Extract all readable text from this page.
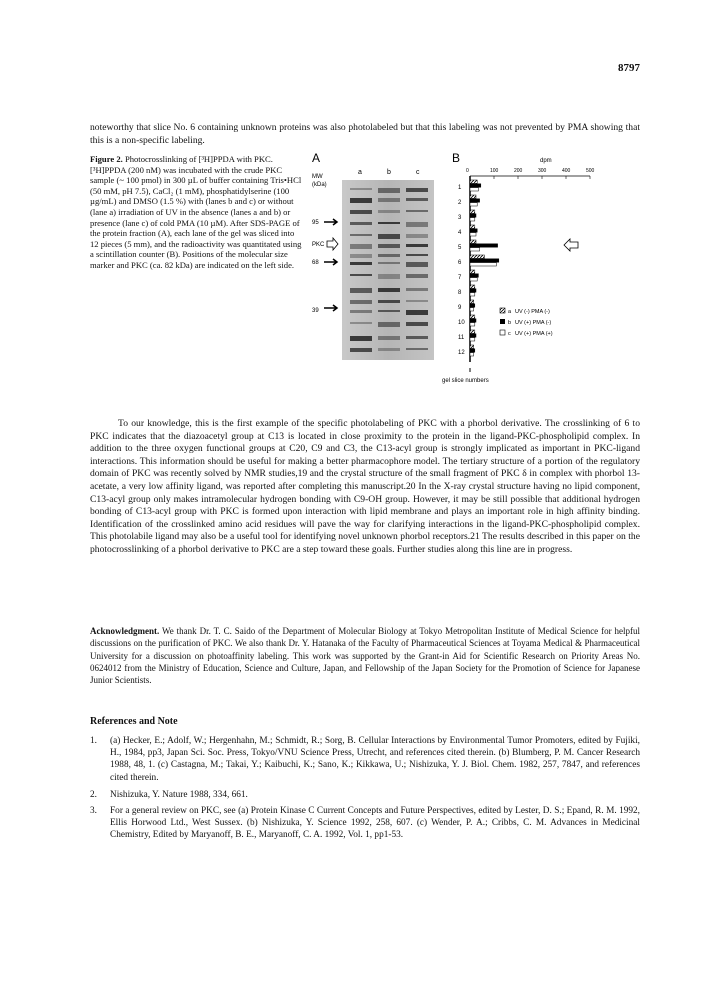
8797
noteworthy that slice No. 6 containing unknown proteins was also photolabeled but that this labeling was not prevented by PMA showing that this is a non-specific labeling.
Figure 2. Photocrosslinking of [³H]PPDA with PKC.
[³H]PPDA (200 nM) was incubated with the crude PKC sample (~ 100 pmol) in 300 µL of buffer containing Tris•HCl (50 mM, pH 7.5), CaCl₂ (1 mM), phosphatidylserine (100 µg/mL) and DMSO (1.5 %) with (lanes b and c) or without (lane a) irradiation of UV in the absence (lanes a and b) or presence (lane c) of cold PMA (10 µM). After SDS-PAGE of the protein fraction (A), each lane of the gel was sliced into 12 pieces (5 mm), and the radioactivity was quantitated using a scintillation counter (B). Positions of the molecular size marker and PKC (ca. 82 kDa) are indicated on the left side.
A
MW
(kDa)
a	b	c
95
PKC
68
39
B	dpm
0	100	200	300	400	500
1
2
3
4
5
6
7
8
9
10
11
12
gel slice numbers
a UV (-) PMA (-)
b UV (+) PMA (-)
c UV (+) PMA (+)
To our knowledge, this is the first example of the specific photolabeling of PKC with a phorbol derivative. The crosslinking of 6 to PKC indicates that the diazoacetyl group at C13 is located in close proximity to the protein in the ligand-PKC-phospholipid complex. In addition to the three oxygen functional groups at C20, C9 and C3, the C13-acyl group is strongly implicated as important in PKC-ligand interactions. This information should be useful for making a better pharmacophore model. The tertiary structure of a portion of the regulatory domain of PKC was recently solved by NMR studies,19 and the crystal structure of the small fragment of PKC δ in complex with phorbol 13-acetate, a very low affinity ligand, was reported after completing this manuscript.20 In the X-ray crystal structure having no lipid component, C13-acyl group only makes intramolecular hydrogen bonding with C9-OH group. However, it may be still possible that additional hydrogen bonding of C13-acyl group with PKC is formed upon interaction with lipid membrane and plays an important role in high affinity binding. Identification of the crosslinked amino acid residues will pave the way for clarifying interactions in the ligand-PKC-phospholipid complex. This photolabile ligand may also be a useful tool for identifying novel unknown phorbol receptors.21 The results described in this paper on the photocrosslinking of a phorbol derivative to PKC are a step toward these goals. Further studies along this line are in progress.
Acknowledgment. We thank Dr. T. C. Saido of the Department of Molecular Biology at Tokyo Metropolitan Institute of Medical Science for helpful discussions on the purification of PKC. We also thank Dr. Y. Hatanaka of the Faculty of Pharmaceutical Sciences at Toyama Medical & Pharmaceutical University for a discussion on photoaffinity labeling. This work was supported by the Grant-in Aid for Scientific Research on Priority Areas No. 0624012 from the Ministry of Education, Science and Culture, Japan, and Fellowship of the Japan Society for the Promotion of Science for Japanese Junior Scientists.
References and Note
1. (a) Hecker, E.; Adolf, W.; Hergenhahn, M.; Schmidt, R.; Sorg, B. Cellular Interactions by Environmental Tumor Promoters, edited by Fujiki, H., 1984, pp3, Japan Sci. Soc. Press, Tokyo/VNU Science Press, Utrecht, and references cited therein. (b) Blumberg, P. M. Cancer Research 1988, 48, 1. (c) Castagna, M.; Takai, Y.; Kaibuchi, K.; Sano, K.; Kikkawa, U.; Nishizuka, Y. J. Biol. Chem. 1982, 257, 7847, and references cited therein.
2. Nishizuka, Y. Nature 1988, 334, 661.
3. For a general review on PKC, see (a) Protein Kinase C Current Concepts and Future Perspectives, edited by Lester, D. S.; Epand, R. M. 1992, Ellis Horwood Ltd., West Sussex. (b) Nishizuka, Y. Science 1992, 258, 607. (c) Wender, P. A.; Cribbs, C. M. Advances in Medicinal Chemistry, Edited by Maryanoff, B. E., Maryanoff, C. A. 1992, Vol. 1, pp1-53.
